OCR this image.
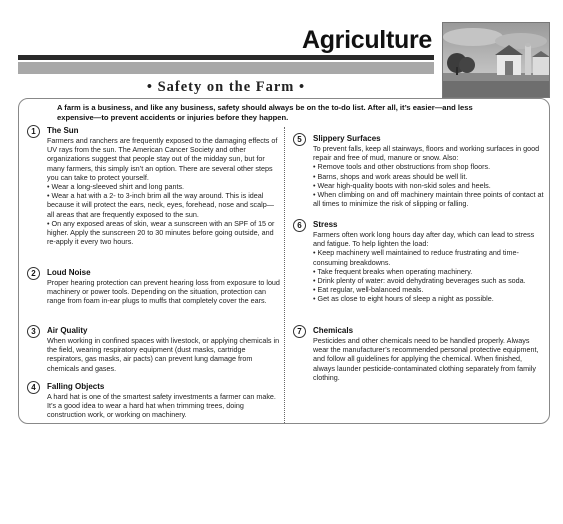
Agriculture
• Safety on the Farm •
A farm is a business, and like any business, safety should always be on the to-do list. After all, it’s easier—and less expensive—to prevent accidents or injuries before they happen.
1	The Sun

Farmers and ranchers are frequently exposed to the damaging effects of UV rays from the sun. The American Cancer Society and other organizations suggest that people stay out of the midday sun, but for many farmers, this simply isn’t an option. There are several other steps you can take to protect yourself.

• Wear a long-sleeved shirt and long pants.

• Wear a hat with a 2- to 3-inch brim all the way around. This is ideal because it will protect the ears, neck, eyes, forehead, nose and scalp—all areas that are frequently exposed to the sun.

• On any exposed areas of skin, wear a sunscreen with an SPF of 15 or higher. Apply the sunscreen 20 to 30 minutes before going outside, and re-apply it every two hours.

2	Loud Noise

Proper hearing protection can prevent hearing loss from exposure to loud machinery or power tools. Depending on the situation, protection can range from foam in-ear plugs to muffs that completely cover the ears.

3	Air Quality

When working in confined spaces with livestock, or applying chemicals in the field, wearing respiratory equipment (dust masks, cartridge respirators, gas masks, air pacts) can prevent lung damage from chemicals and gases.

4	Falling Objects

A hard hat is one of the smartest safety investments a farmer can make. It’s a good idea to wear a hard hat when trimming trees, doing construction work, or working on machinery.

5	Slippery Surfaces

To prevent falls, keep all stairways, floors and working surfaces in good repair and free of mud, manure or snow. Also:

• Remove tools and other obstructions from shop floors.

• Barns, shops and work areas should be well lit.

• Wear high-quality boots with non-skid soles and heels.

• When climbing on and off machinery maintain three points of contact at all times to minimize the risk of slipping or falling.

6	Stress

Farmers often work long hours day after day, which can lead to stress and fatigue. To help lighten the load:

• Keep machinery well maintained to reduce frustrating and time-consuming breakdowns.

• Take frequent breaks when operating machinery.

• Drink plenty of water: avoid dehydrating beverages such as soda.

• Eat regular, well-balanced meals.

• Get as close to eight hours of sleep a night as possible.

7	Chemicals

Pesticides and other chemicals need to be handled properly. Always wear the manufacturer’s recommended personal protective equipment, and follow all guidelines for applying the chemical. When finished, always launder pesticide-contaminated clothing separately from family clothing.
